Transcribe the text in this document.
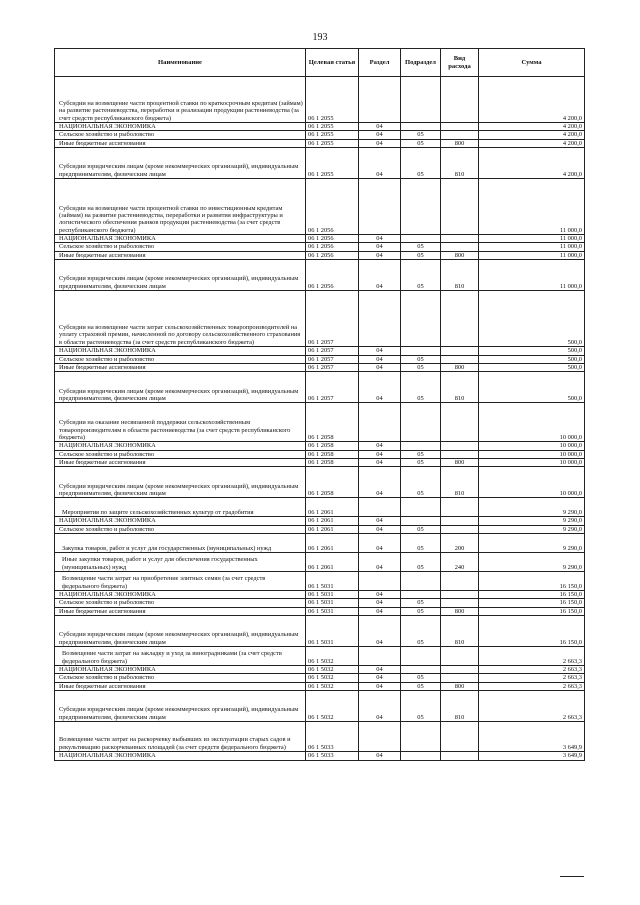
193
Наименование	Целевая статья	Раздел	Подраздел	Вид расхода	Сумма
Субсидии на возмещение части процентной ставки по краткосрочным кредитам (займам) на развитие растениеводства, переработки и реализации продукции растениеводства (за счет средств республиканского бюджета)	06 1 2055				4 200,0
НАЦИОНАЛЬНАЯ ЭКОНОМИКА	06 1 2055	04			4 200,0
Сельское хозяйство и рыболовство	06 1 2055	04	05		4 200,0
Иные бюджетные ассигнования	06 1 2055	04	05	800	4 200,0
Субсидии юридическим лицам (кроме некоммерческих организаций), индивидуальным предпринимателям, физическим лицам	06 1 2055	04	05	810	4 200,0
Субсидии на возмещение части процентной ставки по инвестиционным кредитам (займам) на развитие растениеводства, переработки и развития инфраструктуры и логистического обеспечения рынков продукции растениеводства (за счет средств республиканского бюджета)	06 1 2056				11 000,0
НАЦИОНАЛЬНАЯ ЭКОНОМИКА	06 1 2056	04			11 000,0
Сельское хозяйство и рыболовство	06 1 2056	04	05		11 000,0
Иные бюджетные ассигнования	06 1 2056	04	05	800	11 000,0
Субсидии юридическим лицам (кроме некоммерческих организаций), индивидуальным предпринимателям, физическим лицам	06 1 2056	04	05	810	11 000,0
Субсидии на возмещение части затрат сельскохозяйственных товаропроизводителей на уплату страховой премии, начисленной по договору сельскохозяйственного страхования в области растениеводства (за счет средств республиканского бюджета)	06 1 2057				500,0
НАЦИОНАЛЬНАЯ ЭКОНОМИКА	06 1 2057	04			500,0
Сельское хозяйство и рыболовство	06 1 2057	04	05		500,0
Иные бюджетные ассигнования	06 1 2057	04	05	800	500,0
Субсидии юридическим лицам (кроме некоммерческих организаций), индивидуальным предпринимателям, физическим лицам	06 1 2057	04	05	810	500,0
Субсидии на оказание несвязанной поддержки сельскохозяйственным товаропроизводителям в области растениеводства (за счет средств республиканского бюджета)	06 1 2058				10 000,0
НАЦИОНАЛЬНАЯ ЭКОНОМИКА	06 1 2058	04			10 000,0
Сельское хозяйство и рыболовство	06 1 2058	04	05		10 000,0
Иные бюджетные ассигнования	06 1 2058	04	05	800	10 000,0
Субсидии юридическим лицам (кроме некоммерческих организаций), индивидуальным предпринимателям, физическим лицам	06 1 2058	04	05	810	10 000,0
Мероприятия по защите сельскохозяйственных культур от градобития	06 1 2061				9 290,0
НАЦИОНАЛЬНАЯ ЭКОНОМИКА	06 1 2061	04			9 290,0
Сельское хозяйство и рыболовство	06 1 2061	04	05		9 290,0
Закупка товаров, работ и услуг для государственных (муниципальных) нужд	06 1 2061	04	05	200	9 290,0
Иные закупки товаров, работ и услуг для обеспечения государственных (муниципальных) нужд	06 1 2061	04	05	240	9 290,0
Возмещение части затрат на приобретение элитных семян (за счет средств федерального бюджета)	06 1 5031				16 150,0
НАЦИОНАЛЬНАЯ ЭКОНОМИКА	06 1 5031	04			16 150,0
Сельское хозяйство и рыболовство	06 1 5031	04	05		16 150,0
Иные бюджетные ассигнования	06 1 5031	04	05	800	16 150,0
Субсидии юридическим лицам (кроме некоммерческих организаций), индивидуальным предпринимателям, физическим лицам	06 1 5031	04	05	810	16 150,0
Возмещение части затрат на закладку и уход за виноградниками (за счет средств федерального бюджета)	06 1 5032				2 663,3
НАЦИОНАЛЬНАЯ ЭКОНОМИКА	06 1 5032	04			2 663,3
Сельское хозяйство и рыболовство	06 1 5032	04	05		2 663,3
Иные бюджетные ассигнования	06 1 5032	04	05	800	2 663,3
Субсидии юридическим лицам (кроме некоммерческих организаций), индивидуальным предпринимателям, физическим лицам	06 1 5032	04	05	810	2 663,3
Возмещение части затрат на раскорчевку выбывших из эксплуатации старых садов и рекультивацию раскорчеванных площадей (за счет средств федерального бюджета)	06 1 5033				3 649,9
НАЦИОНАЛЬНАЯ ЭКОНОМИКА	06 1 5033	04			3 649,9
